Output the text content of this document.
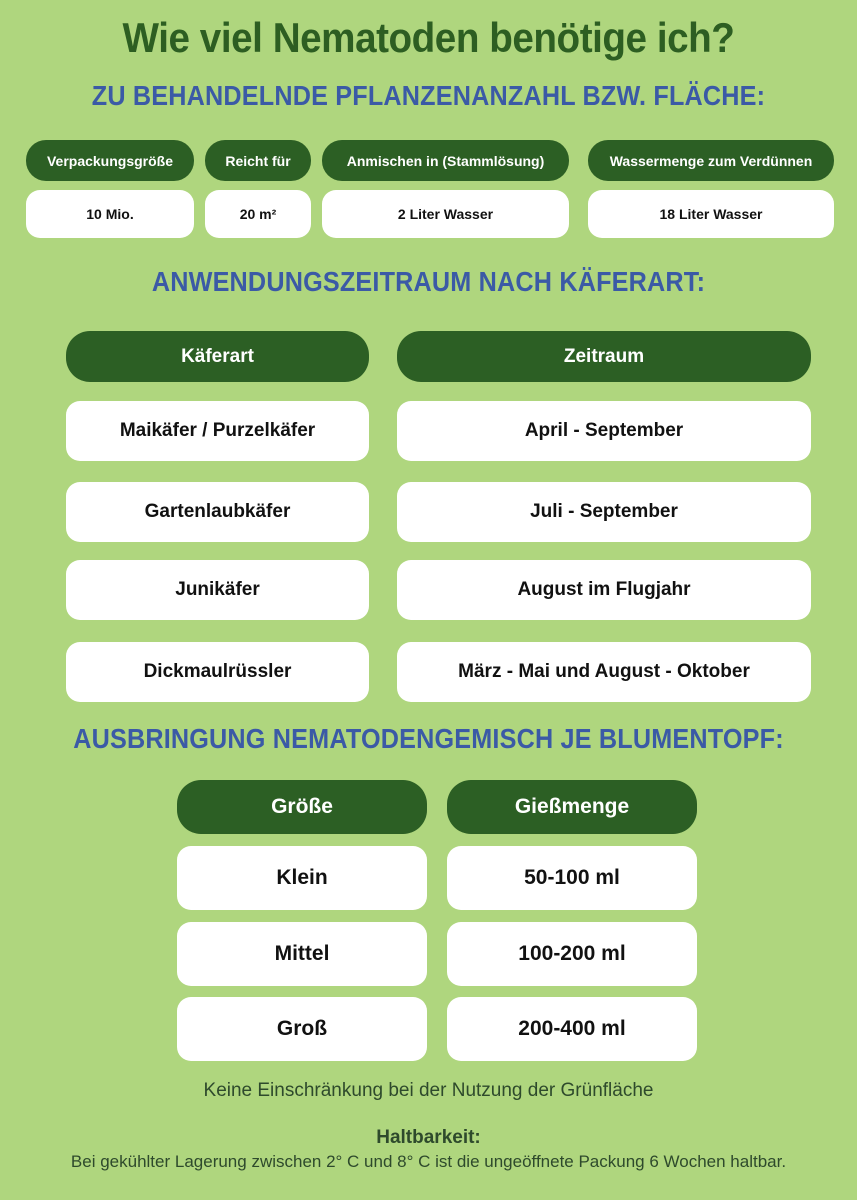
Wie viel Nematoden benötige ich?
ZU BEHANDELNDE PFLANZENANZAHL BZW. FLÄCHE:
Verpackungsgröße	Reicht für	Anmischen in (Stammlösung)	Wassermenge zum Verdünnen
10 Mio.	20 m²	2 Liter Wasser	18 Liter Wasser
ANWENDUNGSZEITRAUM NACH KÄFERART:
Käferart	Zeitraum
Maikäfer / Purzelkäfer	April - September
Gartenlaubkäfer	Juli - September
Junikäfer	August im Flugjahr
Dickmaulrüssler	März - Mai und August - Oktober
AUSBRINGUNG NEMATODENGEMISCH JE BLUMENTOPF:
Größe	Gießmenge
Klein	50-100 ml
Mittel	100-200 ml
Groß	200-400 ml
Keine Einschränkung bei der Nutzung der Grünfläche
Haltbarkeit:
Bei gekühlter Lagerung zwischen 2° C und 8° C ist die ungeöffnete Packung 6 Wochen haltbar.
